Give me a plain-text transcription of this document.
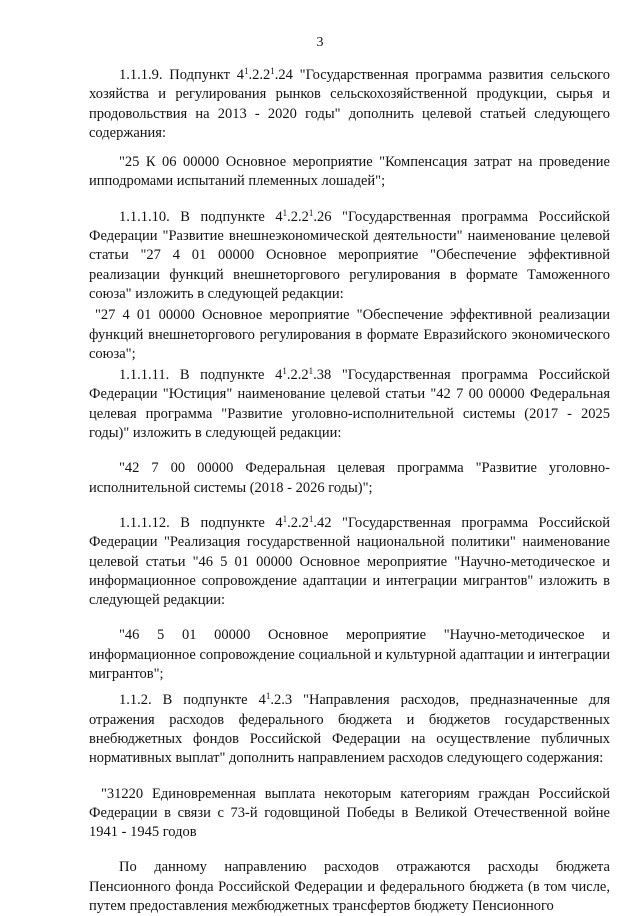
3

1.1.1.9. Подпункт $4^1.2.2^1.24$ "Государственная программа развития сельского хозяйства и регулирования рынков сельскохозяйственной продукции, сырья и продовольствия на 2013 - 2020 годы" дополнить целевой статьей следующего содержания:

"25 К 06 00000 Основное мероприятие "Компенсация затрат на проведение ипподромами испытаний племенных лошадей";

1.1.1.10. В подпункте $4^1.2.2^1.26$ "Государственная программа Российской Федерации "Развитие внешнеэкономической деятельности" наименование целевой статьи "27 4 01 00000 Основное мероприятие "Обеспечение эффективной реализации функций внешнеторгового регулирования в формате Таможенного союза" изложить в следующей редакции:

"27 4 01 00000 Основное мероприятие "Обеспечение эффективной реализации функций внешнеторгового регулирования в формате Евразийского экономического союза";

1.1.1.11. В подпункте $4^1.2.2^1.38$ "Государственная программа Российской Федерации "Юстиция" наименование целевой статьи "42 7 00 00000 Федеральная целевая программа "Развитие уголовно-исполнительной системы (2017 - 2025 годы)" изложить в следующей редакции:

"42 7 00 00000 Федеральная целевая программа "Развитие уголовно-исполнительной системы (2018 - 2026 годы)";

1.1.1.12. В подпункте $4^1.2.2^1.42$ "Государственная программа Российской Федерации "Реализация государственной национальной политики" наименование целевой статьи "46 5 01 00000 Основное мероприятие "Научно-методическое и информационное сопровождение адаптации и интеграции мигрантов" изложить в следующей редакции:

"46 5 01 00000 Основное мероприятие "Научно-методическое и информационное сопровождение социальной и культурной адаптации и интеграции мигрантов";

1.1.2. В подпункте $4^1.2.3$ "Направления расходов, предназначенные для отражения расходов федерального бюджета и бюджетов государственных внебюджетных фондов Российской Федерации на осуществление публичных нормативных выплат" дополнить направлением расходов следующего содержания:

"31220 Единовременная выплата некоторым категориям граждан Российской Федерации в связи с 73-й годовщиной Победы в Великой Отечественной войне 1941 - 1945 годов

По данному направлению расходов отражаются расходы бюджета Пенсионного фонда Российской Федерации и федерального бюджета (в том числе, путем предоставления межбюджетных трансфертов бюджету Пенсионного
